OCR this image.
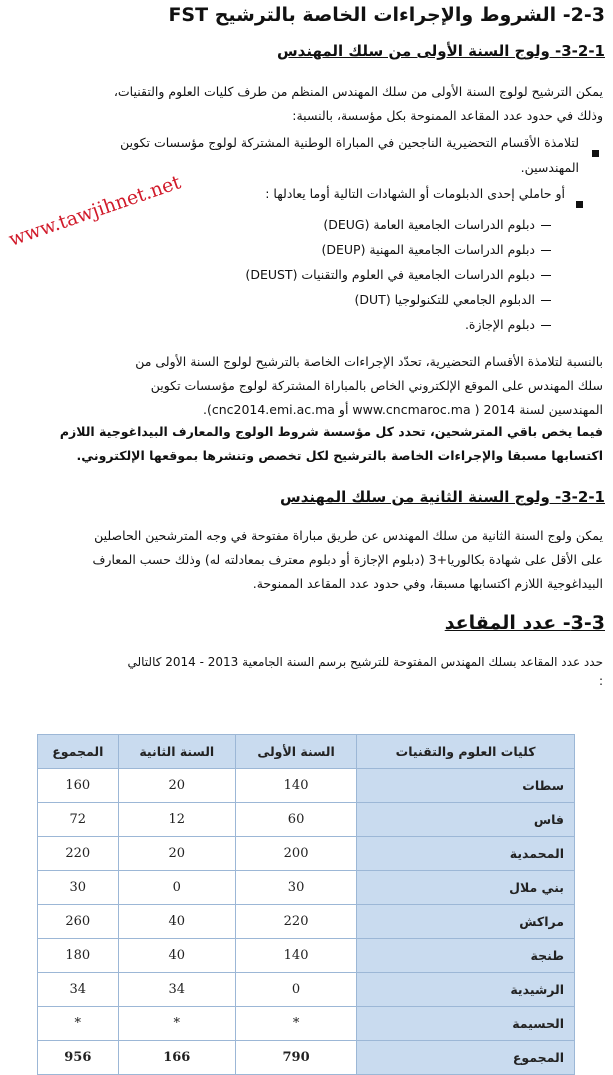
2-3- الشروط والإجراءات الخاصة بالترشيح FST
3-2-1- ولوج السنة الأولى من سلك المهندس
يمكن الترشيح لولوج السنة الأولى من سلك المهندس المنظم من طرف كليات العلوم والتقنيات،
وذلك في حدود عدد المقاعد الممنوحة بكل مؤسسة، بالنسبة:
لتلامذة الأقسام التحضيرية الناجحين في المباراة الوطنية المشتركة لولوج مؤسسات تكوين
المهندسين.
أو حاملي إحدى الدبلومات أو الشهادات التالية أوما يعادلها :
دبلوم الدراسات الجامعية العامة (DEUG)
دبلوم الدراسات الجامعية المهنية (DEUP)
دبلوم الدراسات الجامعية في العلوم والتقنيات (DEUST)
الدبلوم الجامعي للتكنولوجيا (DUT)
دبلوم الإجازة.
بالنسبة لتلامذة الأقسام التحضيرية، تحدّد الإجراءات الخاصة بالترشيح لولوج السنة الأولى من
سلك المهندس على الموقع الإلكتروني الخاص بالمباراة المشتركة لولوج مؤسسات تكوين
المهندسين لسنة 2014 ( www.cncmaroc.ma أو cnc2014.emi.ac.ma).
فيما يخص باقي المترشحين، تحدد كل مؤسسة شروط الولوج والمعارف البيداغوجية اللازم
اكتسابها مسبقا والإجراءات الخاصة بالترشيح لكل تخصص وتنشرها بموقعها الإلكتروني.
3-2-1- ولوج السنة الثانية من سلك المهندس
يمكن ولوج السنة الثانية من سلك المهندس عن طريق مباراة مفتوحة في وجه المترشحين الحاصلين
على الأقل على شهادة بكالوريا+3 (دبلوم الإجازة أو دبلوم معترف بمعادلته له) وذلك حسب المعارف
البيداغوجية اللازم اكتسابها مسبقا، وفي حدود عدد المقاعد الممنوحة.
3-3- عدد المقاعد
حدد عدد المقاعد بسلك المهندس المفتوحة للترشيح برسم السنة الجامعية 2013 - 2014 كالتالي
:
كليات العلوم والتقنيات	السنة الأولى	السنة الثانية	المجموع
سطات	140	20	160
فاس	60	12	72
المحمدية	200	20	220
بني ملال	30	0	30
مراكش	220	40	260
طنجة	140	40	180
الرشيدية	0	34	34
الحسيمة	*	*	*
المجموع	790	166	956
www.tawjihnet.net
